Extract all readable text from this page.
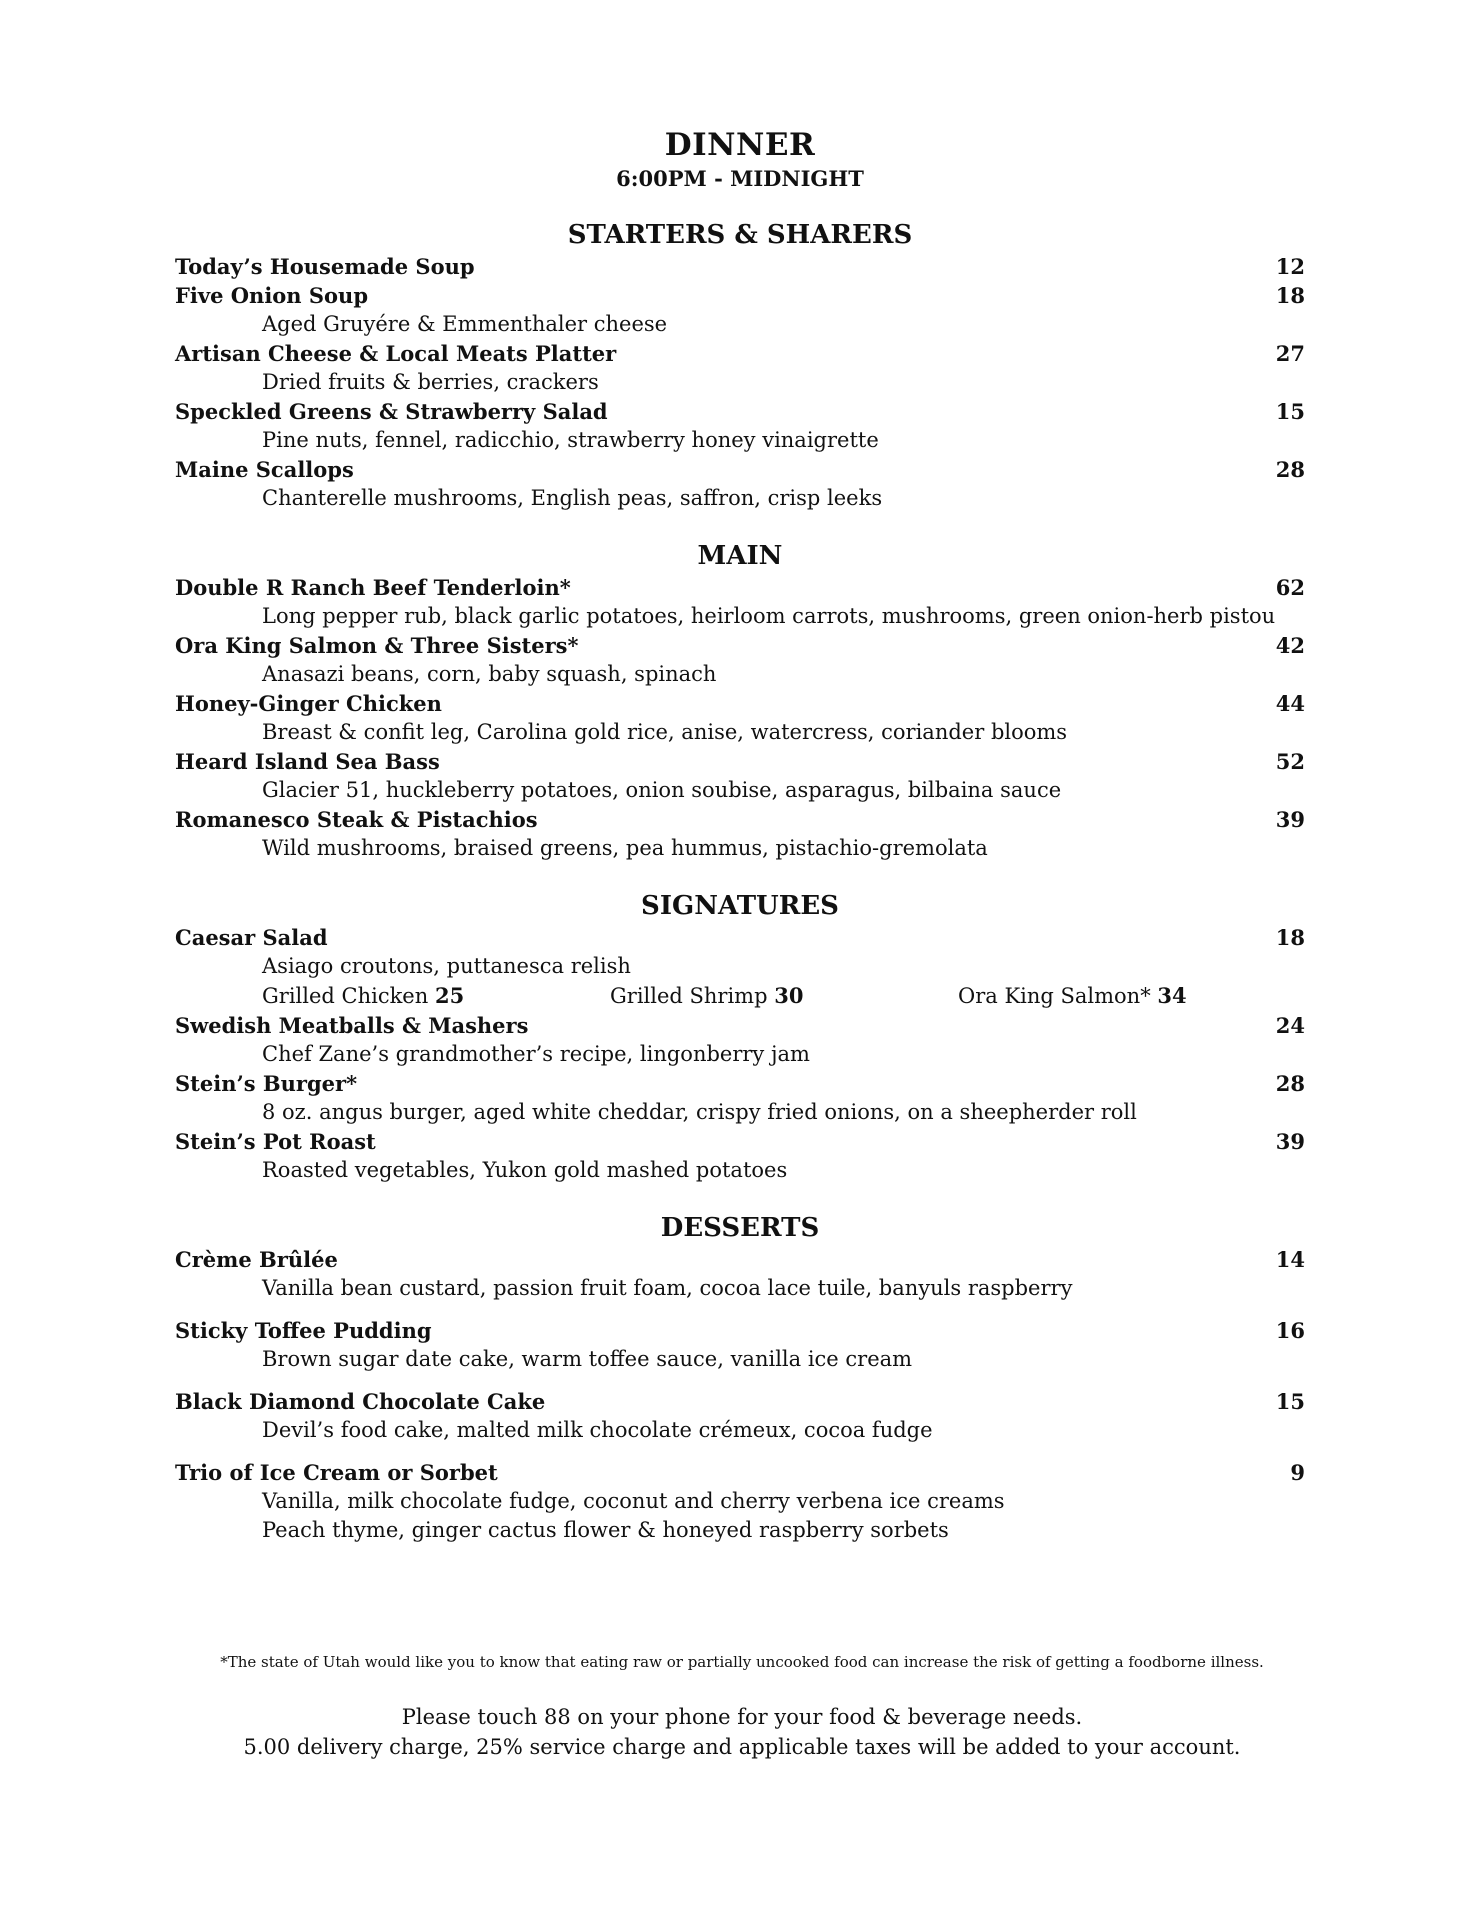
DINNER
6:00PM - MIDNIGHT
STARTERS & SHARERS
Today’s Housemade Soup	12
Five Onion Soup	18
Aged Gruyére & Emmenthaler cheese
Artisan Cheese & Local Meats Platter	27
Dried fruits & berries, crackers
Speckled Greens & Strawberry Salad	15
Pine nuts, fennel, radicchio, strawberry honey vinaigrette
Maine Scallops	28
Chanterelle mushrooms, English peas, saffron, crisp leeks
MAIN
Double R Ranch Beef Tenderloin*	62
Long pepper rub, black garlic potatoes, heirloom carrots, mushrooms, green onion-herb pistou
Ora King Salmon & Three Sisters*	42
Anasazi beans, corn, baby squash, spinach
Honey-Ginger Chicken	44
Breast & confit leg, Carolina gold rice, anise, watercress, coriander blooms
Heard Island Sea Bass	52
Glacier 51, huckleberry potatoes, onion soubise, asparagus, bilbaina sauce
Romanesco Steak & Pistachios	39
Wild mushrooms, braised greens, pea hummus, pistachio-gremolata
SIGNATURES
Caesar Salad	18
Asiago croutons, puttanesca relish
Grilled Chicken 25	Grilled Shrimp 30	Ora King Salmon* 34
Swedish Meatballs & Mashers	24
Chef Zane’s grandmother’s recipe, lingonberry jam
Stein’s Burger*	28
8 oz. angus burger, aged white cheddar, crispy fried onions, on a sheepherder roll
Stein’s Pot Roast	39
Roasted vegetables, Yukon gold mashed potatoes
DESSERTS
Crème Brûlée	14
Vanilla bean custard, passion fruit foam, cocoa lace tuile, banyuls raspberry
Sticky Toffee Pudding	16
Brown sugar date cake, warm toffee sauce, vanilla ice cream
Black Diamond Chocolate Cake	15
Devil’s food cake, malted milk chocolate crémeux, cocoa fudge
Trio of Ice Cream or Sorbet	9
Vanilla, milk chocolate fudge, coconut and cherry verbena ice creams
Peach thyme, ginger cactus flower & honeyed raspberry sorbets
*The state of Utah would like you to know that eating raw or partially uncooked food can increase the risk of getting a foodborne illness.
Please touch 88 on your phone for your food & beverage needs.
5.00 delivery charge, 25% service charge and applicable taxes will be added to your account.
